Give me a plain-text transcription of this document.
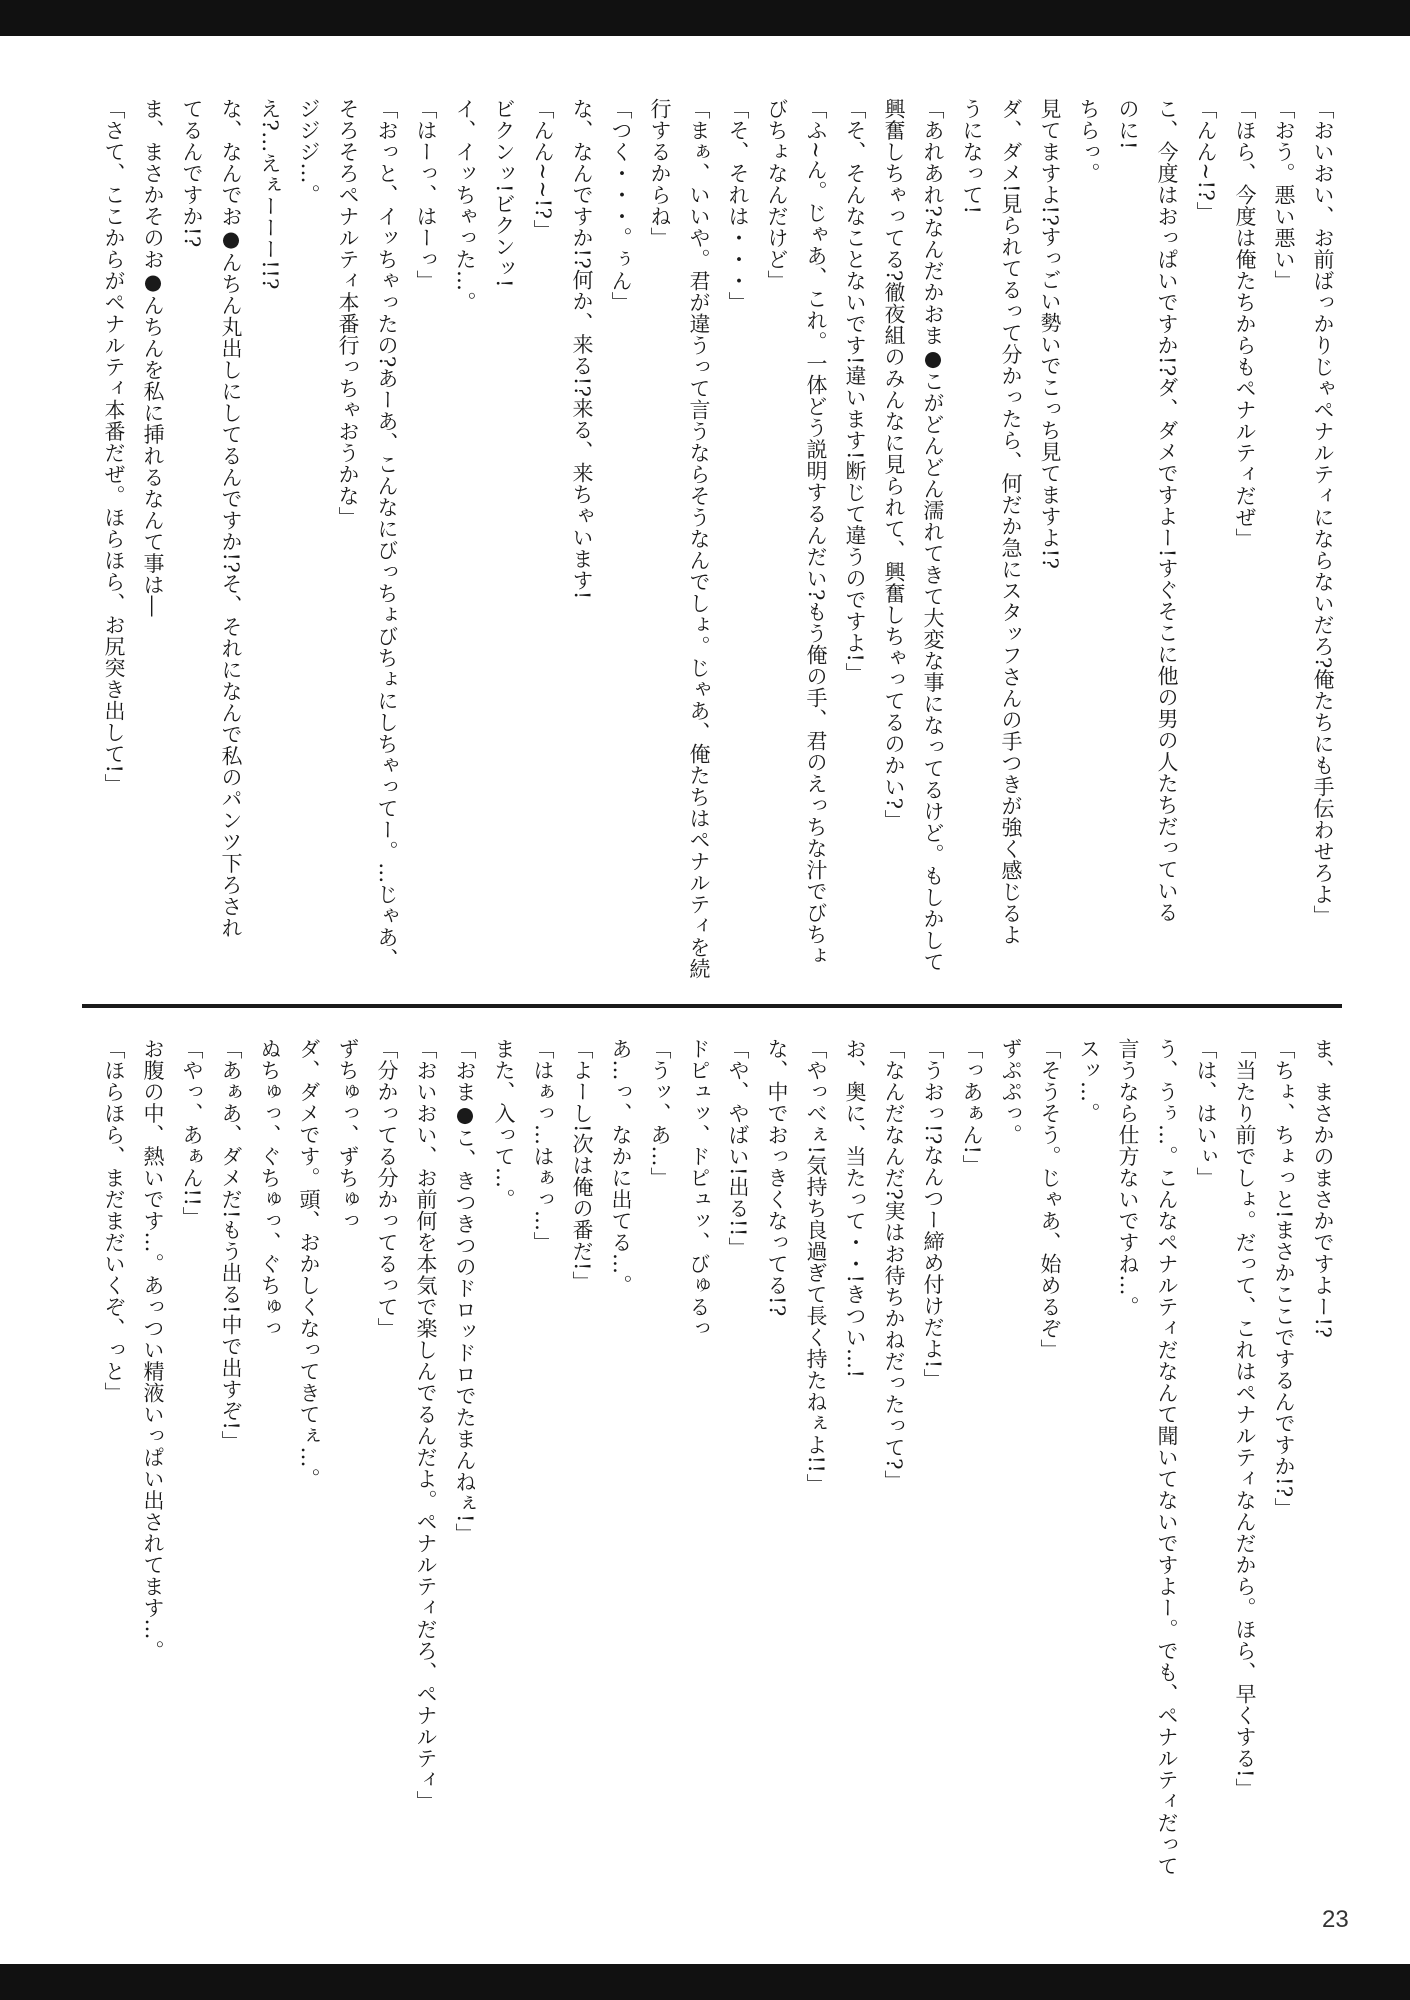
「おいおい、お前ばっかりじゃペナルティにならないだろ?俺たちにも手伝わせろよ」
「おう。悪い悪い」
「ほら、今度は俺たちからもペナルティだぜ」
「んん~!?」
こ、今度はおっぱいですか!?ダ、ダメですよー!すぐそこに他の男の人たちだっている
のに!
ちらっ。
見てますよ!?すっごい勢いでこっち見てますよ!?
ダ、ダメ!見られてるって分かったら、何だか急にスタッフさんの手つきが強く感じるよ
うになって!
「あれあれ?なんだかおま●こがどんどん濡れてきて大変な事になってるけど。もしかして
興奮しちゃってる?徹夜組のみんなに見られて、興奮しちゃってるのかい?」
「そ、そんなことないです!違います!断じて違うのですよ!」
「ふ~ん。じゃあ、これ。一体どう説明するんだい?もう俺の手、君のえっちな汁でびちょ
びちょなんだけど」
「そ、それは・・・」
「まぁ、いいや。君が違うって言うならそうなんでしょ。じゃあ、俺たちはペナルティを続
行するからね」
「つく・・・。ぅん」
な、なんですか!?何か、来る!?来る、来ちゃいます!
「んん~~!?」
ビクンッ!ビクンッ!
イ、イッちゃった…。
「はーっ、はーっ」
「おっと、イッちゃったの?あーあ、こんなにびっちょびちょにしちゃってー。…じゃあ、
そろそろペナルティ本番行っちゃおうかな」
ジジジ…。
え?…えぇーーー!!?
な、なんでお●んちん丸出しにしてるんですか!?そ、それになんで私のパンツ下ろされ
てるんですか!?
ま、まさかそのお●んちんを私に挿れるなんて事は―
「さて、ここからがペナルティ本番だぜ。ほらほら、お尻突き出して!」
ま、まさかのまさかですよー!?
「ちょ、ちょっと!まさかここでするんですか!?」
「当たり前でしょ。だって、これはペナルティなんだから。ほら、早くする!」
「は、はいぃ」
う、うぅ…。こんなペナルティだなんて聞いてないですよー。でも、ペナルティだって
言うなら仕方ないですね…。
スッ…。
「そうそう。じゃあ、始めるぞ」
ずぷぷっ。
「っあぁん!」
「うおっ!?なんつー締め付けだよ!」
「なんだなんだ?実はお待ちかねだったって?」
お、奥に、当たって・・!きつい…!
「やっべぇ!気持ち良過ぎて長く持たねぇよ!!」
な、中でおっきくなってる!?
「や、やばい!出る!!」
ドピュッ、ドピュッ、びゅるっ
「うッ、あ…」
あ…っ、なかに出てる…。
「よーし!次は俺の番だ!」
「はぁっ…はぁっ…」
また、入って…。
「おま●こ、きつきつのドロッドロでたまんねぇ!」
「おいおい、お前何を本気で楽しんでるんだよ。ペナルティだろ、ペナルティ」
「分かってる分かってるって」
ずちゅっ、ずちゅっ
ダ、ダメです。頭、おかしくなってきてぇ…。
ぬちゅっ、ぐちゅっ、ぐちゅっ
「あぁあ、ダメだ!もう出る!中で出すぞ!」
「やっ、あぁん!!」
お腹の中、熱いです…。あっつい精液いっぱい出されてます…。
「ほらほら、まだまだいくぞ、っと」
23
